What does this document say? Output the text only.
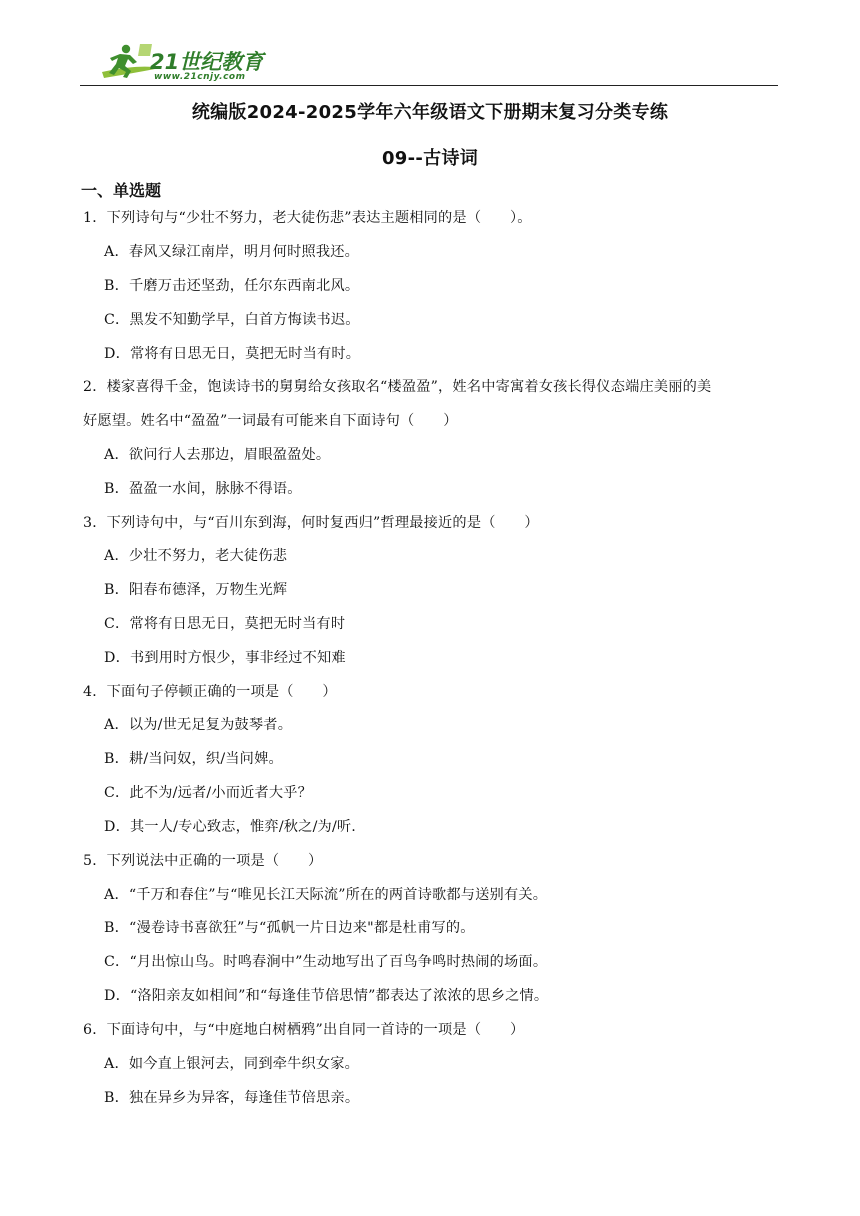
21世纪教育
www.21cnjy.com
统编版2024-2025学年六年级语文下册期末复习分类专练
09--古诗词
一、单选题
1．下列诗句与“少壮不努力，老大徒伤悲”表达主题相同的是（　　）。
A．春风又绿江南岸，明月何时照我还。
B．千磨万击还坚劲，任尔东西南北风。
C．黑发不知勤学早，白首方悔读书迟。
D．常将有日思无日，莫把无时当有时。
2．楼家喜得千金，饱读诗书的舅舅给女孩取名“楼盈盈”，姓名中寄寓着女孩长得仪态端庄美丽的美
好愿望。姓名中“盈盈”一词最有可能来自下面诗句（　　）
A．欲问行人去那边，眉眼盈盈处。
B．盈盈一水间，脉脉不得语。
3．下列诗句中，与“百川东到海，何时复西归”哲理最接近的是（　　）
A．少壮不努力，老大徒伤悲
B．阳春布德泽，万物生光辉
C．常将有日思无日，莫把无时当有时
D．书到用时方恨少，事非经过不知难
4．下面句子停顿正确的一项是（　　）
A．以为/世无足复为鼓琴者。
B．耕/当问奴，织/当问婢。
C．此不为/远者/小而近者大乎？
D．其一人/专心致志，惟弈/秋之/为/听.
5．下列说法中正确的一项是（　　）
A．“千万和春住”与“唯见长江天际流”所在的两首诗歌都与送别有关。
B．“漫卷诗书喜欲狂”与“孤帆一片日边来"都是杜甫写的。
C．“月出惊山鸟。时鸣春涧中”生动地写出了百鸟争鸣时热闹的场面。
D．“洛阳亲友如相间”和“每逢佳节倍思情”都表达了浓浓的思乡之情。
6．下面诗句中，与“中庭地白树栖鸦”出自同一首诗的一项是（　　）
A．如今直上银河去，同到牵牛织女家。
B．独在异乡为异客，每逢佳节倍思亲。
